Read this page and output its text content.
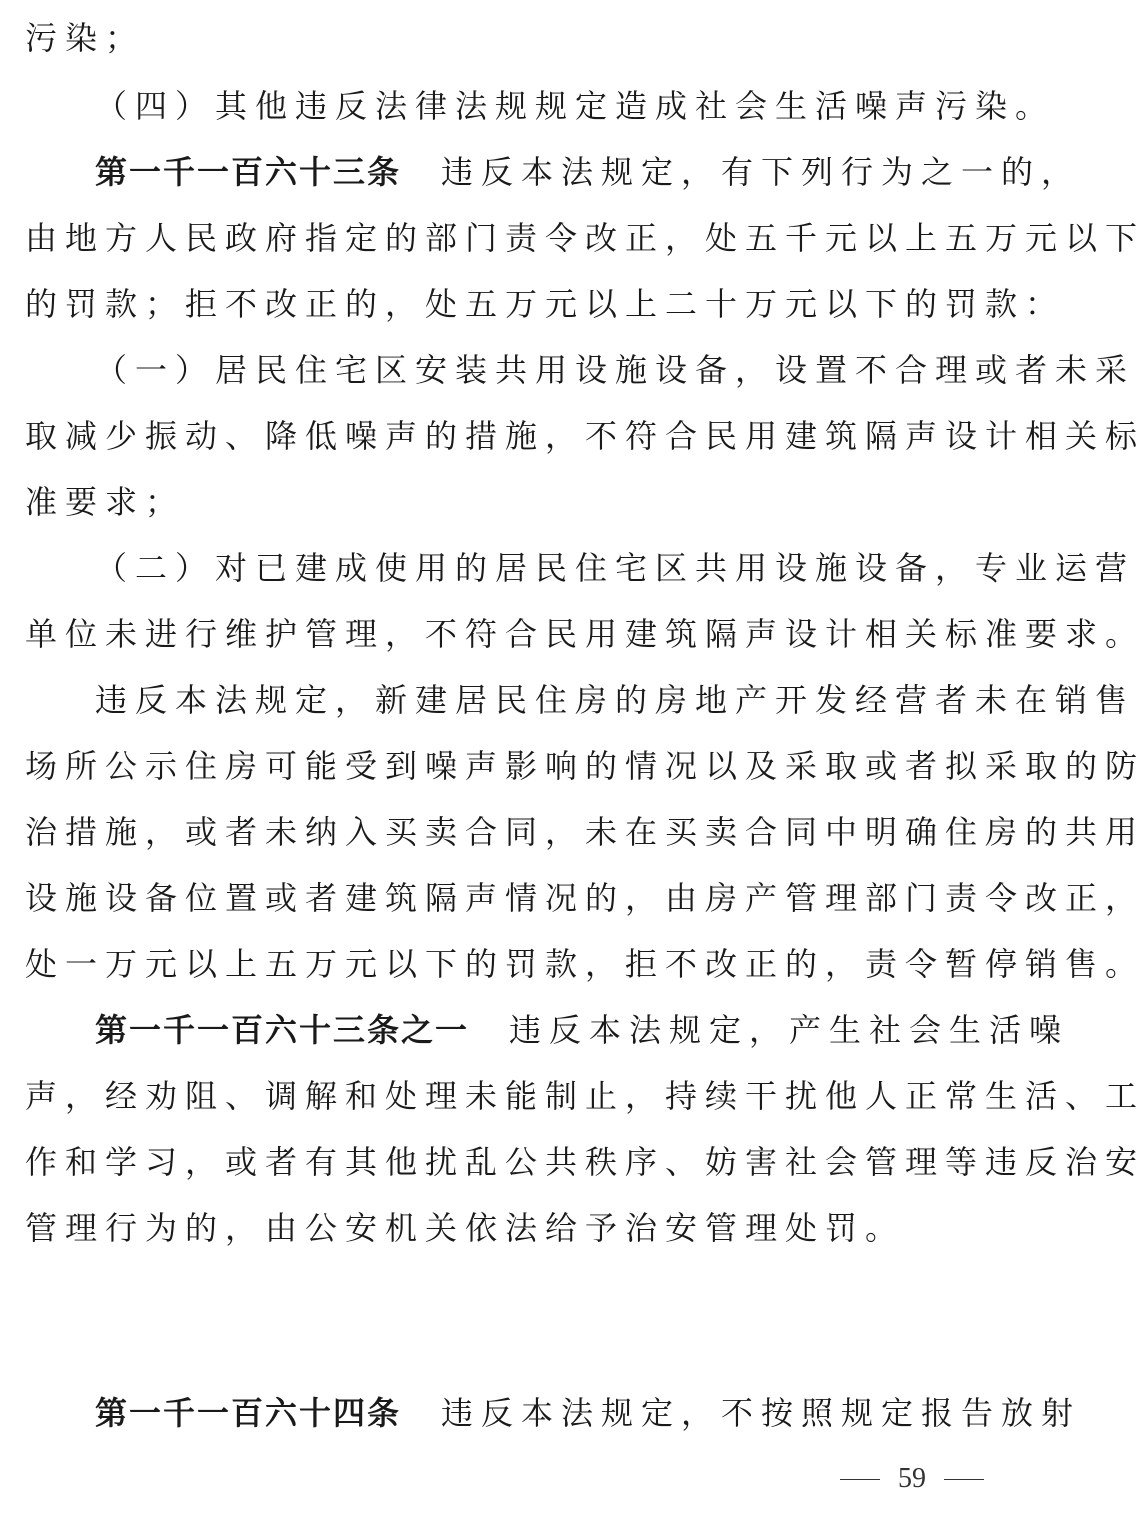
污染；
（四）其他违反法律法规规定造成社会生活噪声污染。
第一千一百六十三条 违反本法规定，有下列行为之一的，
由地方人民政府指定的部门责令改正，处五千元以上五万元以下
的罚款；拒不改正的，处五万元以上二十万元以下的罚款：
（一）居民住宅区安装共用设施设备，设置不合理或者未采
取减少振动、降低噪声的措施，不符合民用建筑隔声设计相关标
准要求；
（二）对已建成使用的居民住宅区共用设施设备，专业运营
单位未进行维护管理，不符合民用建筑隔声设计相关标准要求。
违反本法规定，新建居民住房的房地产开发经营者未在销售
场所公示住房可能受到噪声影响的情况以及采取或者拟采取的防
治措施，或者未纳入买卖合同，未在买卖合同中明确住房的共用
设施设备位置或者建筑隔声情况的，由房产管理部门责令改正，
处一万元以上五万元以下的罚款，拒不改正的，责令暂停销售。
第一千一百六十三条之一 违反本法规定，产生社会生活噪
声，经劝阻、调解和处理未能制止，持续干扰他人正常生活、工
作和学习，或者有其他扰乱公共秩序、妨害社会管理等违反治安
管理行为的，由公安机关依法给予治安管理处罚。
第一千一百六十四条 违反本法规定，不按照规定报告放射
59
